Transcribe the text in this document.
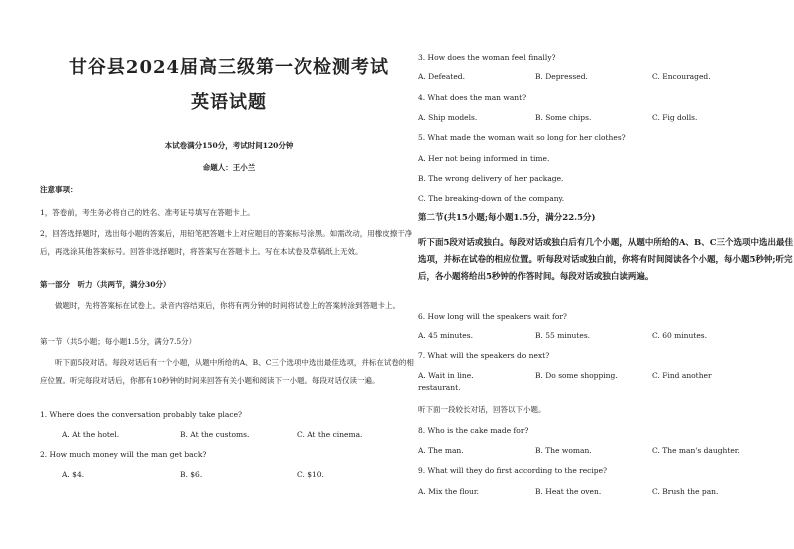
甘谷县2024届高三级第一次检测考试
英语试题
本试卷满分150分，考试时间120分钟
命题人：王小兰
注意事项：
1，答卷前，考生务必将自己的姓名、准考证号填写在答题卡上。
2，回答选择题时，选出每小题的答案后，用铅笔把答题卡上对应题目的答案标号涂黑。如需改动，用橡皮擦干净后，再选涂其他答案标号。回答非选择题时，将答案写在答题卡上。写在本试卷及草稿纸上无效。
第一部分　听力（共两节，满分30分）
做题时，先将答案标在试卷上。录音内容结束后，你将有两分钟的时间将试卷上的答案转涂到答题卡上。
第一节（共5小题；每小题1.5分，满分7.5分）
听下面5段对话。每段对话后有一个小题，从题中所给的A、B、C三个选项中选出最佳选项，并标在试卷的相应位置。听完每段对话后，你都有10秒钟的时间来回答有关小题和阅读下一小题。每段对话仅读一遍。
1. Where does the conversation probably take place?
A. At the hotel.	B. At the customs.	C. At the cinema.
2. How much money will the man get back?
A. $4.	B. $6.	C. $10.
3. How does the woman feel finally?
A. Defeated.	B. Depressed.	C. Encouraged.
4. What does the man want?
A. Ship models.	B. Some chips.	C. Fig dolls.
5. What made the woman wait so long for her clothes?
A. Her not being informed in time.
B. The wrong delivery of her package.
C. The breaking-down of the company.
第二节(共15小题;每小题1.5分，满分22.5分)
听下面5段对话或独白。每段对话或独白后有几个小题，从题中所给的A、B、C三个选项中选出最佳选项，并标在试卷的相应位置。听每段对话或独白前，你将有时间阅读各个小题，每小题5秒钟;听完后，各小题将给出5秒钟的作答时间。每段对话或独白读两遍。
6. How long will the speakers wait for?
A. 45 minutes.	B. 55 minutes.	C. 60 minutes.
7. What will the speakers do next?
A. Wait in line.	B. Do some shopping.	C. Find another
restaurant.
听下面一段较长对话，回答以下小题。
8. Who is the cake made for?
A. The man.	B. The woman.	C. The man's daughter.
9. What will they do first according to the recipe?
A. Mix the flour.	B. Heat the oven.	C. Brush the pan.
